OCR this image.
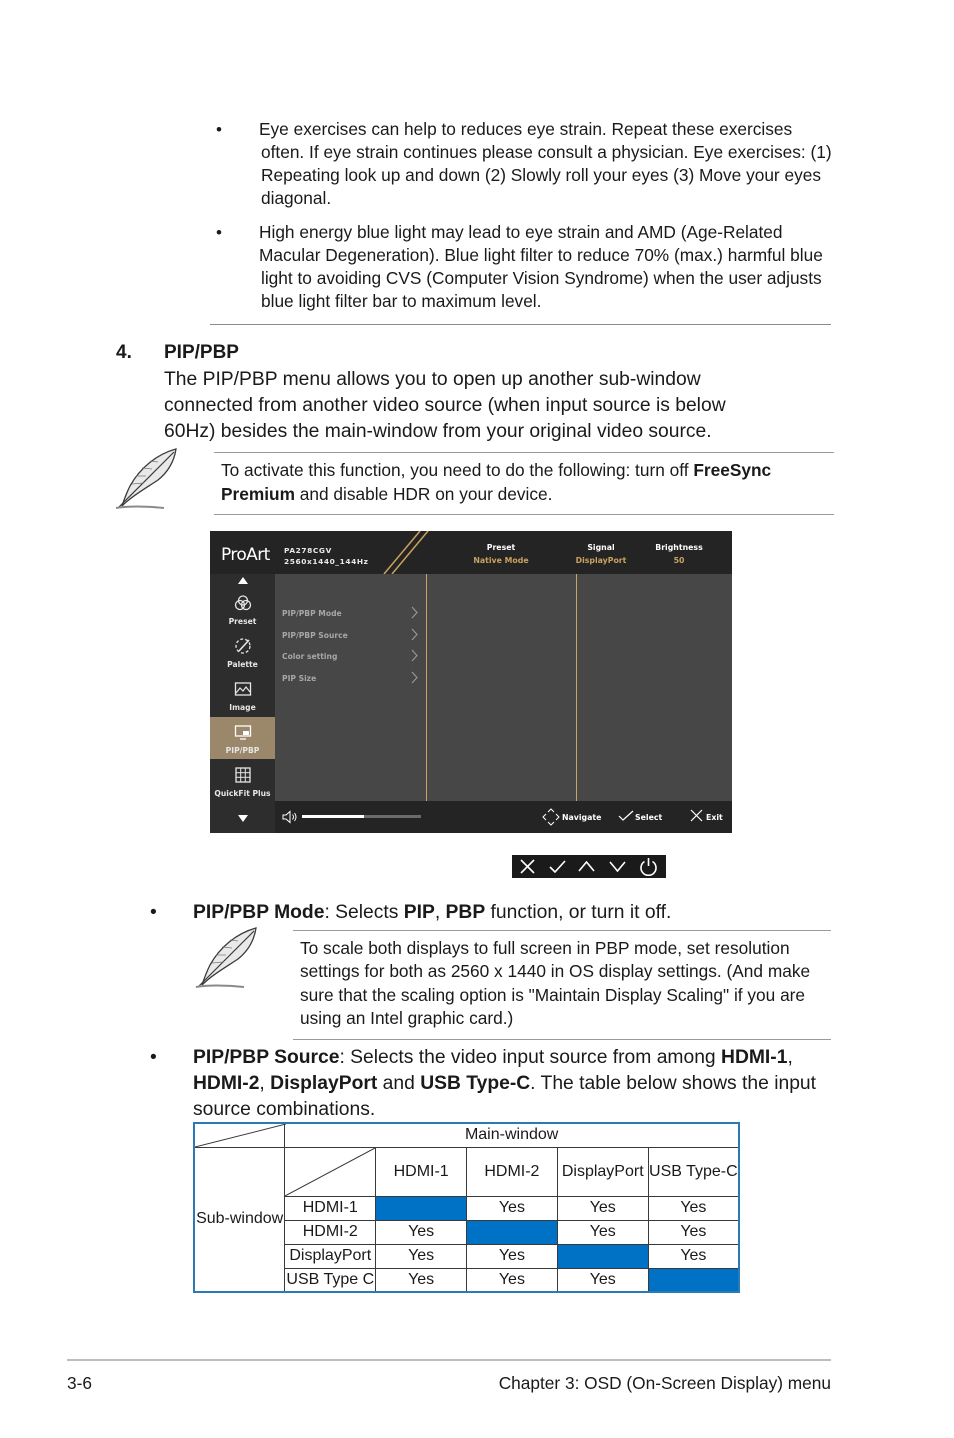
• Eye exercises can help to reduces eye strain. Repeat these exercises
often. If eye strain continues please consult a physician. Eye exercises: (1)
Repeating look up and down (2) Slowly roll your eyes (3) Move your eyes
diagonal.
• High energy blue light may lead to eye strain and AMD (Age-Related
Macular Degeneration). Blue light filter to reduce 70% (max.) harmful blue
light to avoiding CVS (Computer Vision Syndrome) when the user adjusts
blue light filter bar to maximum level.
4. PIP/PBP
The PIP/PBP menu allows you to open up another sub-window
connected from another video source (when input source is below
60Hz) besides the main-window from your original video source.
To activate this function, you need to do the following: turn off FreeSync
Premium and disable HDR on your device.
ProArt PA278CGV
2560x1440_144Hz
Preset
Native Mode
Signal
DisplayPort
Brightness
50
Preset
Palette
Image
PIP/PBP
QuickFit Plus
PIP/PBP Mode
PIP/PBP Source
Color setting
PIP Size
Navigate	Select	Exit
• PIP/PBP Mode: Selects PIP, PBP function, or turn it off.
To scale both displays to full screen in PBP mode, set resolution
settings for both as 2560 x 1440 in OS display settings. (And make
sure that the scaling option is "Maintain Display Scaling" if you are
using an Intel graphic card.)
• PIP/PBP Source: Selects the video input source from among HDMI-1,
HDMI-2, DisplayPort and USB Type-C. The table below shows the input
source combinations.
	Main-window				
Sub-window		HDMI-1	HDMI-2	DisplayPort	USB Type-C
	HDMI-1		Yes	Yes	Yes
	HDMI-2	Yes		Yes	Yes
	DisplayPort	Yes	Yes		Yes
	USB Type C	Yes	Yes	Yes	
3-6	Chapter 3: OSD (On-Screen Display) menu
